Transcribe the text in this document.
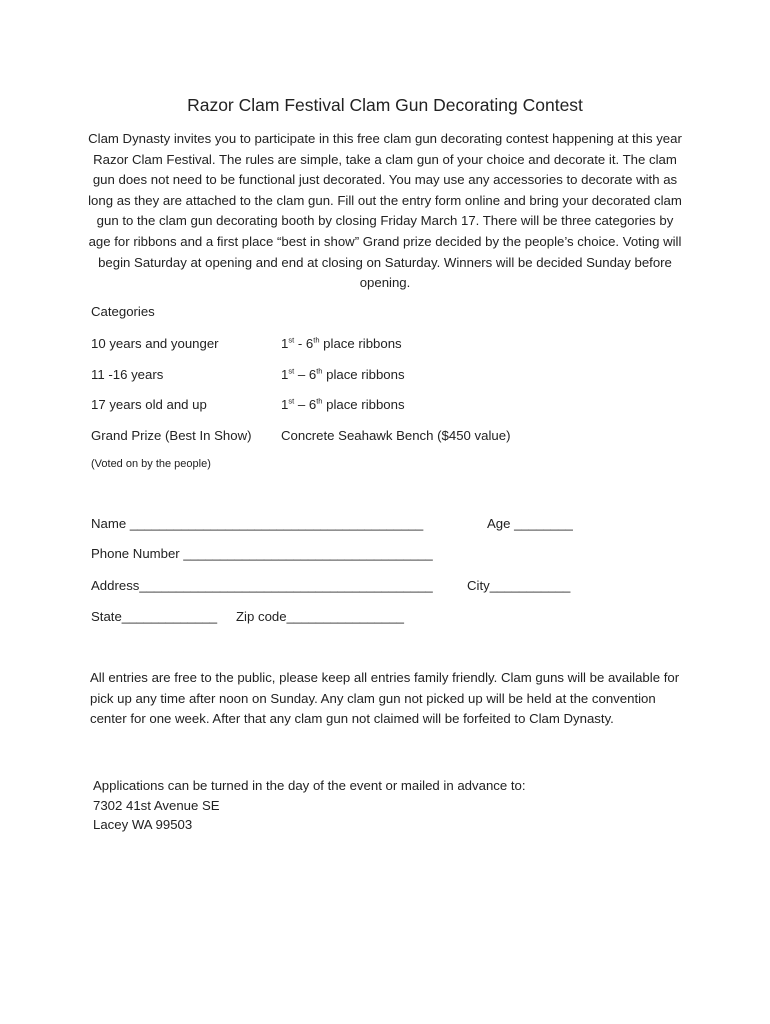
Razor Clam Festival Clam Gun Decorating Contest
Clam Dynasty invites you to participate in this free clam gun decorating contest happening at this year Razor Clam Festival. The rules are simple, take a clam gun of your choice and decorate it. The clam gun does not need to be functional just decorated. You may use any accessories to decorate with as long as they are attached to the clam gun. Fill out the entry form online and bring your decorated clam gun to the clam gun decorating booth by closing Friday March 17. There will be three categories by age for ribbons and a first place “best in show” Grand prize decided by the people’s choice. Voting will begin Saturday at opening and end at closing on Saturday. Winners will be decided Sunday before opening.
Categories
10 years and younger	1st - 6th place ribbons
11 -16 years	1st – 6th place ribbons
17 years old and up	1st – 6th place ribbons
Grand Prize (Best In Show) Concrete Seahawk Bench ($450 value)
(Voted on by the people)
Name ________________________________________	Age ________
Phone Number __________________________________
Address________________________________________	City___________
State_____________ Zip code________________
All entries are free to the public, please keep all entries family friendly. Clam guns will be available for pick up any time after noon on Sunday. Any clam gun not picked up will be held at the convention center for one week. After that any clam gun not claimed will be forfeited to Clam Dynasty.
Applications can be turned in the day of the event or mailed in advance to:
7302 41st Avenue SE
Lacey WA 99503
